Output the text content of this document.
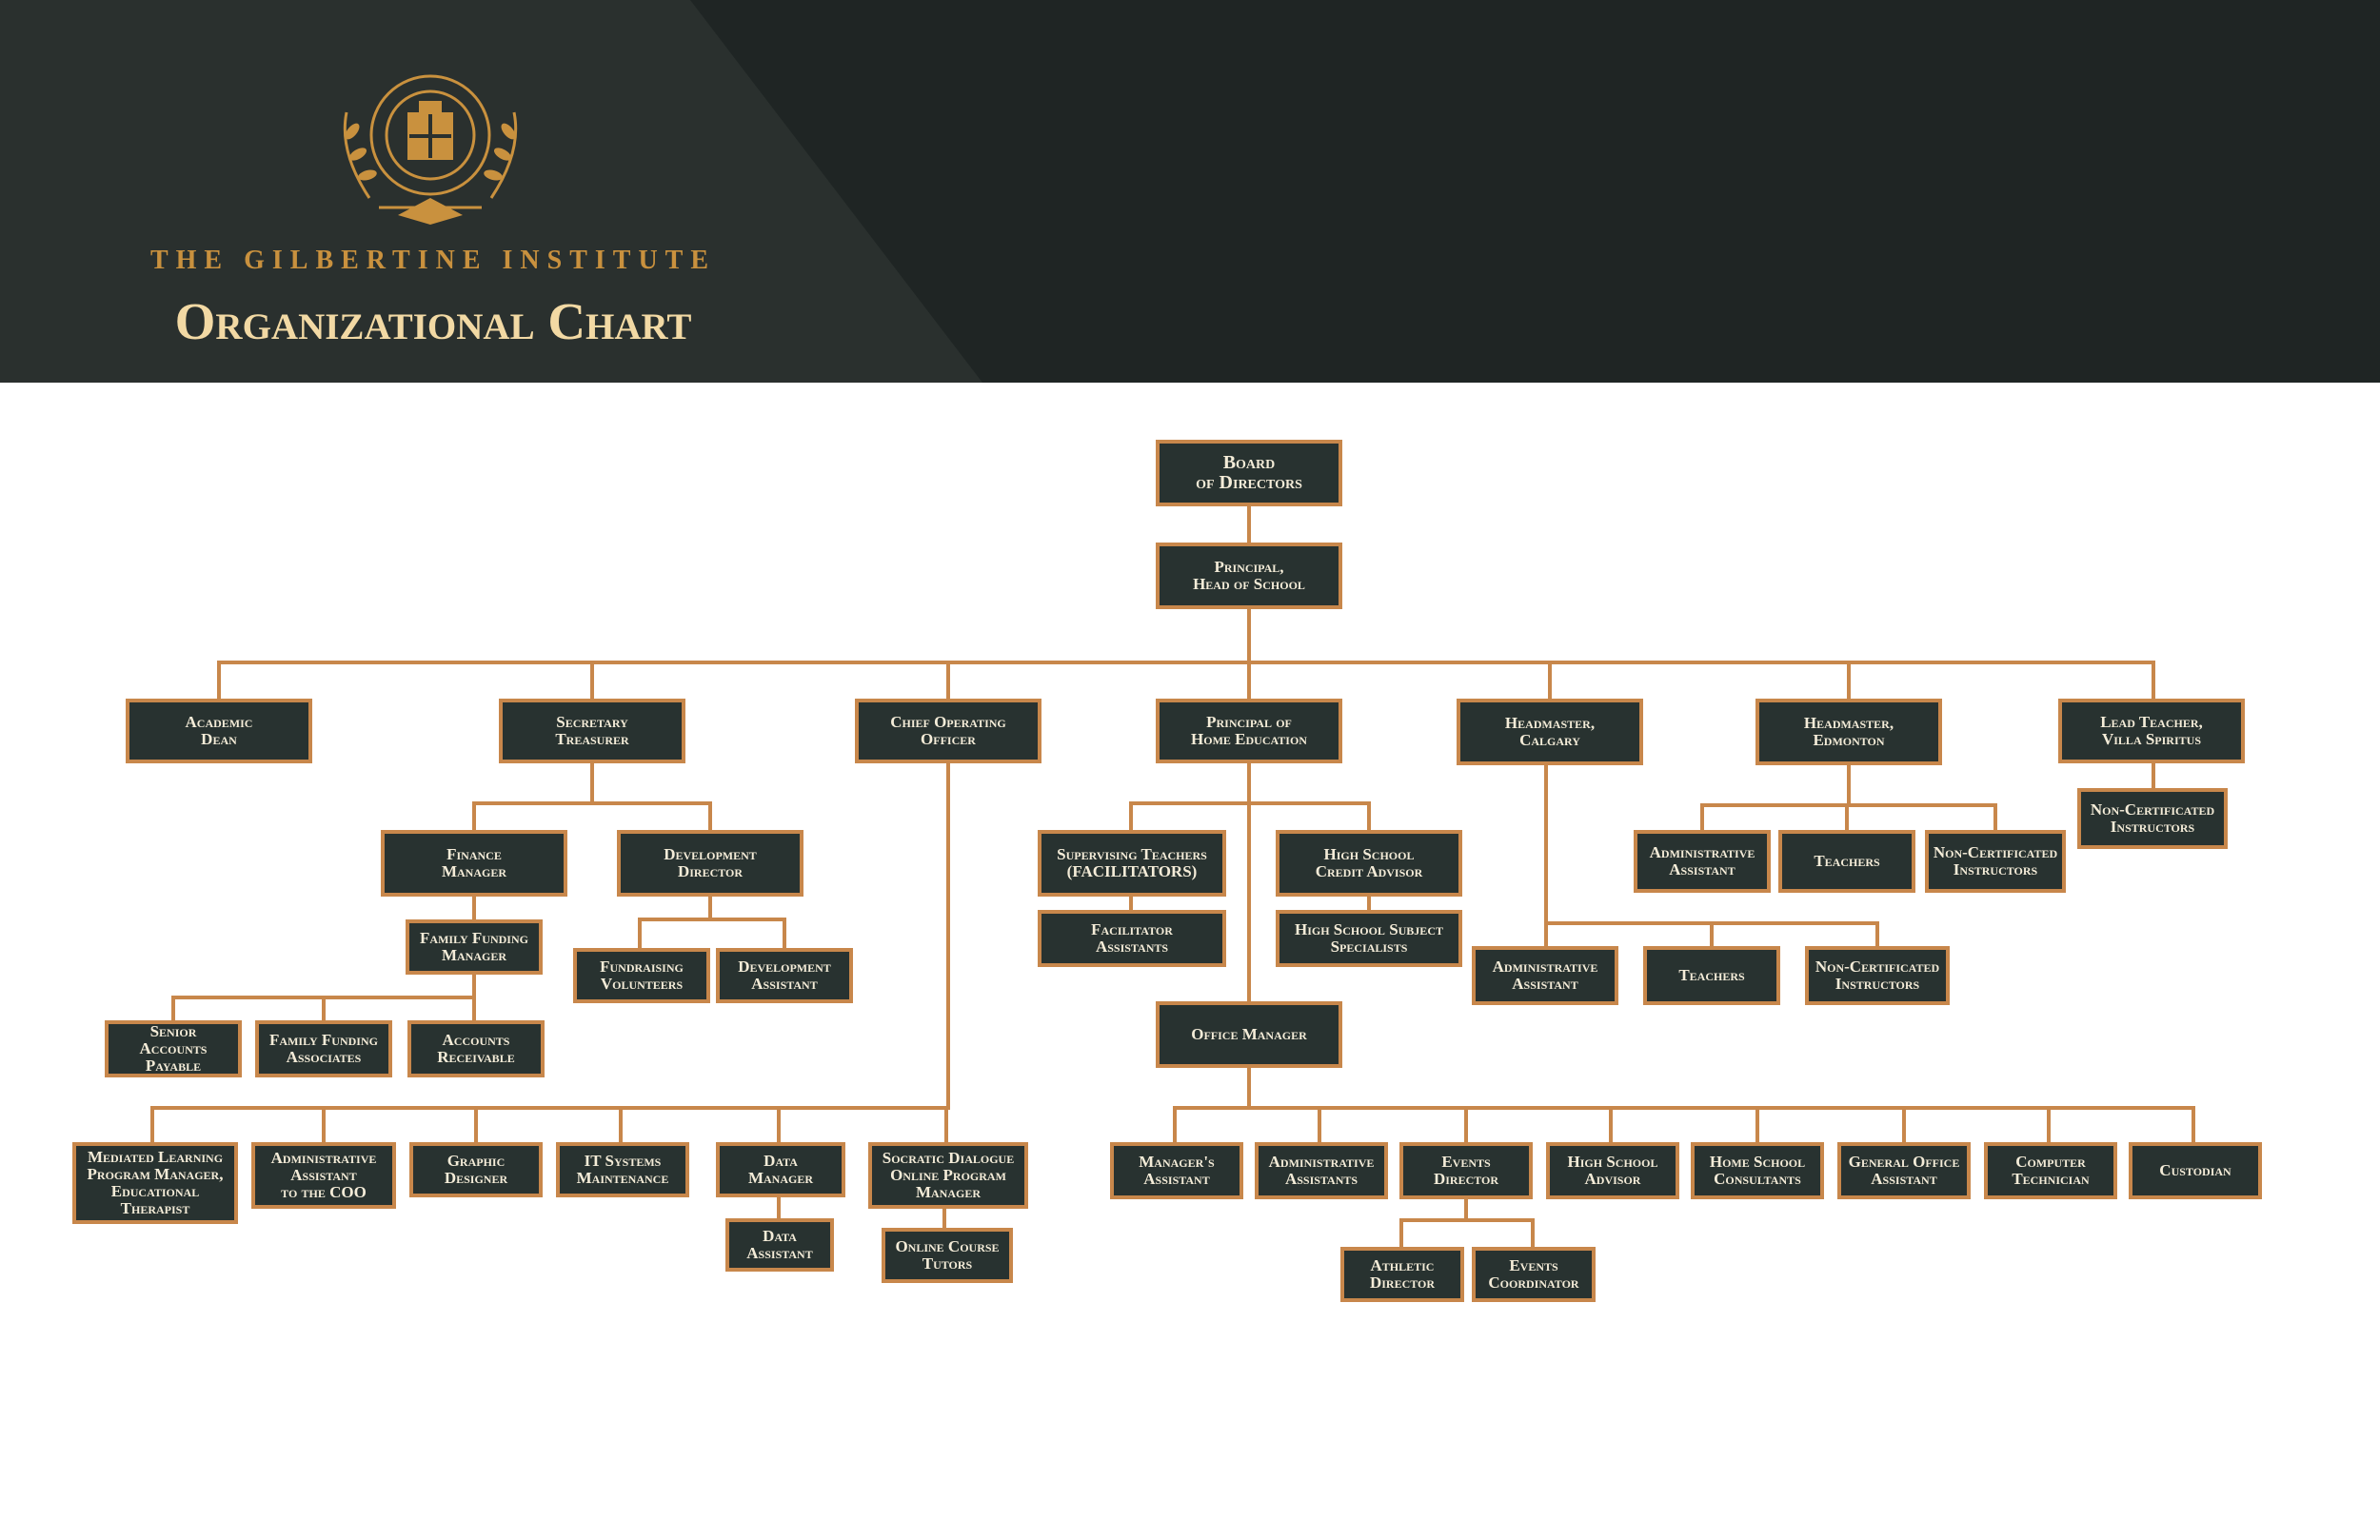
THE GILBERTINE INSTITUTE
Organizational Chart
Board
of Directors
Principal,
Head of School
Academic
Dean
Secretary
Treasurer
Chief Operating
Officer
Principal of
Home Education
Headmaster,
Calgary
Headmaster,
Edmonton
Lead Teacher,
Villa Spiritus
Finance
Manager
Development
Director
Family Funding
Manager
Senior
Accounts
Payable
Family Funding
Associates
Accounts
Receivable
Fundraising
Volunteers
Development
Assistant
Mediated Learning
Program Manager,
Educational
Therapist
Administrative
Assistant
to the COO
Graphic
Designer
IT Systems
Maintenance
Data
Manager
Data
Assistant
Socratic Dialogue
Online Program
Manager
Online Course
Tutors
Supervising Teachers
(FACILITATORS)
Facilitator
Assistants
High School
Credit Advisor
High School Subject
Specialists
Office Manager
Manager's
Assistant
Administrative
Assistants
Events
Director
Athletic
Director
Events
Coordinator
High School
Advisor
Home School
Consultants
General Office
Assistant
Computer
Technician	Custodian
Administrative
Assistant	Teachers	Non-Certificated
Instructors
Administrative
Assistant	Teachers	Non-Certificated
Instructors
Non-Certificated
Instructors
